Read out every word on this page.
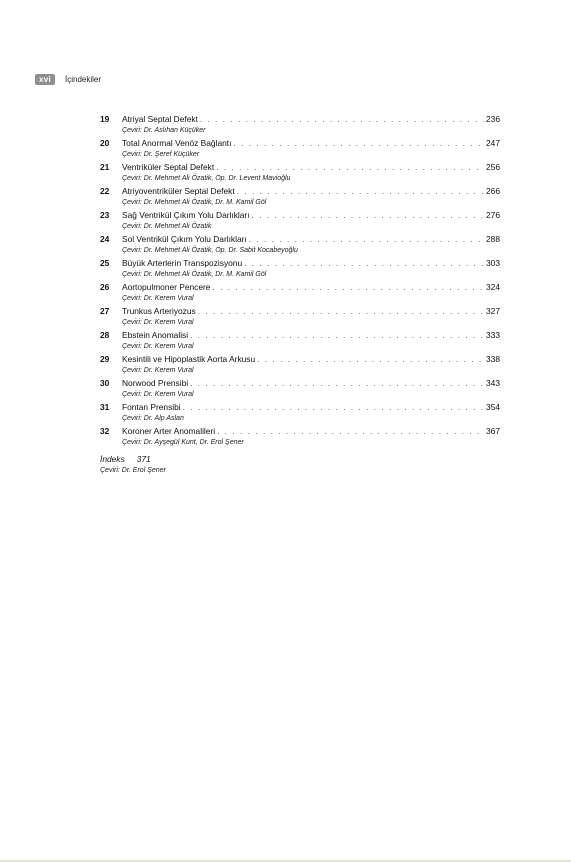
xvi	İçindekiler
19	Atriyal Septal Defekt . . .	236
Çeviri: Dr. Aslıhan Küçüker
20	Total Anormal Venöz Bağlantı . . .	247
Çeviri: Dr. Şeref Küçüker
21	Ventriküler Septal Defekt . . .	256
Çeviri: Dr. Mehmet Ali Özatik, Op. Dr. Levent Mavioğlu
22	Atriyoventriküler Septal Defekt . . .	266
Çeviri: Dr. Mehmet Ali Özatik, Dr. M. Kamil Göl
23	Sağ Ventrikül Çıkım Yolu Darlıkları . . .	276
Çeviri: Dr. Mehmet Ali Özatik
24	Sol Ventrikül Çıkım Yolu Darlıkları . . .	288
Çeviri: Dr. Mehmet Ali Özatik, Op. Dr. Sabit Kocabeyoğlu
25	Büyük Arterlerin Transpozisyonu . . .	303
Çeviri: Dr. Mehmet Ali Özatik, Dr. M. Kamil Göl
26	Aortopulmoner Pencere . . .	324
Çeviri: Dr. Kerem Vural
27	Trunkus Arteriyozus . . .	327
Çeviri: Dr. Kerem Vural
28	Ebstein Anomalisi . . .	333
Çeviri: Dr. Kerem Vural
29	Kesintili ve Hipoplastik Aorta Arkusu . . .	338
Çeviri: Dr. Kerem Vural
30	Norwood Prensibi . . .	343
Çeviri: Dr. Kerem Vural
31	Fontan Prensibi . . .	354
Çeviri: Dr. Alp Aslan
32	Koroner Arter Anomalileri . . .	367
Çeviri: Dr. Ayşegül Kunt, Dr. Erol Şener
İndeks 371
Çeviri: Dr. Erol Şener
